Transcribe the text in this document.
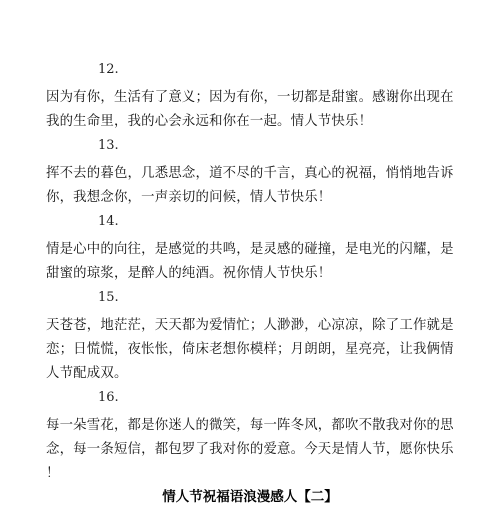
12.
因为有你，生活有了意义；因为有你，一切都是甜蜜。感谢你出现在
我的生命里，我的心会永远和你在一起。情人节快乐！
13.
挥不去的暮色，几悉思念，道不尽的千言，真心的祝福，悄悄地告诉
你，我想念你，一声亲切的问候，情人节快乐！
14.
情是心中的向往，是感觉的共鸣，是灵感的碰撞，是电光的闪耀，是
甜蜜的琼浆，是醉人的纯酒。祝你情人节快乐！
15.
天苍苍，地茫茫，天天都为爱情忙；人渺渺，心凉凉，除了工作就是
恋；日慌慌，夜怅怅，倚床老想你模样；月朗朗，星亮亮，让我俩情
人节配成双。
16.
每一朵雪花，都是你迷人的微笑，每一阵冬风，都吹不散我对你的思
念，每一条短信，都包罗了我对你的爱意。今天是情人节，愿你快乐
！
情人节祝福语浪漫感人【二】
